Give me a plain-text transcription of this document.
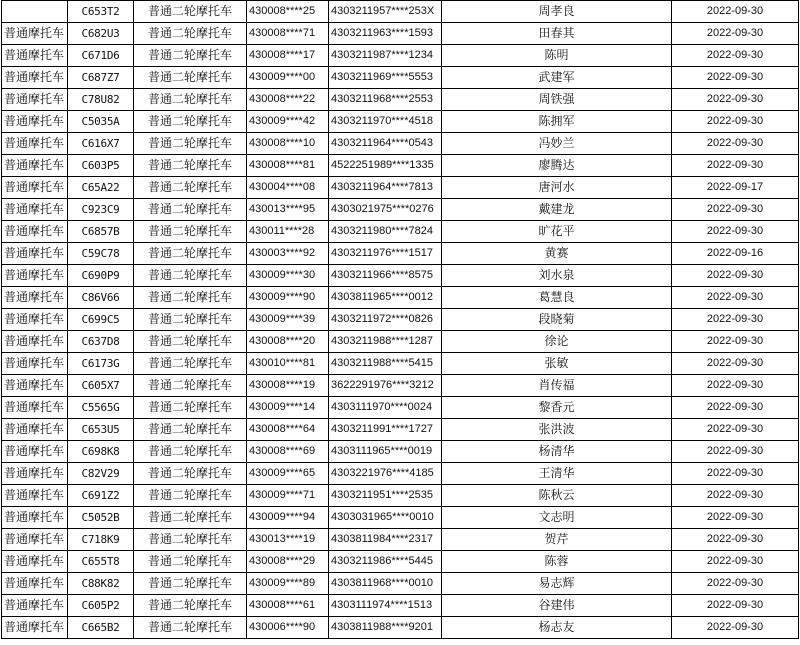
	C653T2	普通二轮摩托车	430008****25	4303211957****253X	周孝良	2022-09-30
普通摩托车	C682U3	普通二轮摩托车	430008****71	4303211963****1593	田春其	2022-09-30
普通摩托车	C671D6	普通二轮摩托车	430008****17	4303211987****1234	陈明	2022-09-30
普通摩托车	C687Z7	普通二轮摩托车	430009****00	4303211969****5553	武建军	2022-09-30
普通摩托车	C78U82	普通二轮摩托车	430008****22	4303211968****2553	周铁强	2022-09-30
普通摩托车	C5035A	普通二轮摩托车	430009****42	4303211970****4518	陈拥军	2022-09-30
普通摩托车	C616X7	普通二轮摩托车	430008****10	4303211964****0543	冯妙兰	2022-09-30
普通摩托车	C603P5	普通二轮摩托车	430008****81	4522251989****1335	廖腾达	2022-09-30
普通摩托车	C65A22	普通二轮摩托车	430004****08	4303211964****7813	唐河水	2022-09-17
普通摩托车	C923C9	普通二轮摩托车	430013****95	4303021975****0276	戴建龙	2022-09-30
普通摩托车	C6857B	普通二轮摩托车	430011****28	4303211980****7824	旷花平	2022-09-30
普通摩托车	C59C78	普通二轮摩托车	430003****92	4303211976****1517	黄赛	2022-09-16
普通摩托车	C690P9	普通二轮摩托车	430009****30	4303211966****8575	刘水泉	2022-09-30
普通摩托车	C86V66	普通二轮摩托车	430009****90	4303811965****0012	葛慧良	2022-09-30
普通摩托车	C699C5	普通二轮摩托车	430009****39	4303211972****0826	段晓菊	2022-09-30
普通摩托车	C637D8	普通二轮摩托车	430008****20	4303211988****1287	徐论	2022-09-30
普通摩托车	C6173G	普通二轮摩托车	430010****81	4303211988****5415	张敏	2022-09-30
普通摩托车	C605X7	普通二轮摩托车	430008****19	3622291976****3212	肖传福	2022-09-30
普通摩托车	C5565G	普通二轮摩托车	430009****14	4303111970****0024	黎香元	2022-09-30
普通摩托车	C653U5	普通二轮摩托车	430008****64	4303211991****1727	张洪波	2022-09-30
普通摩托车	C698K8	普通二轮摩托车	430008****69	4303111965****0019	杨清华	2022-09-30
普通摩托车	C82V29	普通二轮摩托车	430009****65	4303221976****4185	王清华	2022-09-30
普通摩托车	C691Z2	普通二轮摩托车	430009****71	4303211951****2535	陈秋云	2022-09-30
普通摩托车	C5052B	普通二轮摩托车	430009****94	4303031965****0010	文志明	2022-09-30
普通摩托车	C718K9	普通二轮摩托车	430013****19	4303811984****2317	贺芹	2022-09-30
普通摩托车	C655T8	普通二轮摩托车	430008****29	4303211986****5445	陈蓉	2022-09-30
普通摩托车	C88K82	普通二轮摩托车	430009****89	4303811968****0010	易志辉	2022-09-30
普通摩托车	C605P2	普通二轮摩托车	430008****61	4303111974****1513	谷建伟	2022-09-30
普通摩托车	C665B2	普通二轮摩托车	430006****90	4303811988****9201	杨志友	2022-09-30
